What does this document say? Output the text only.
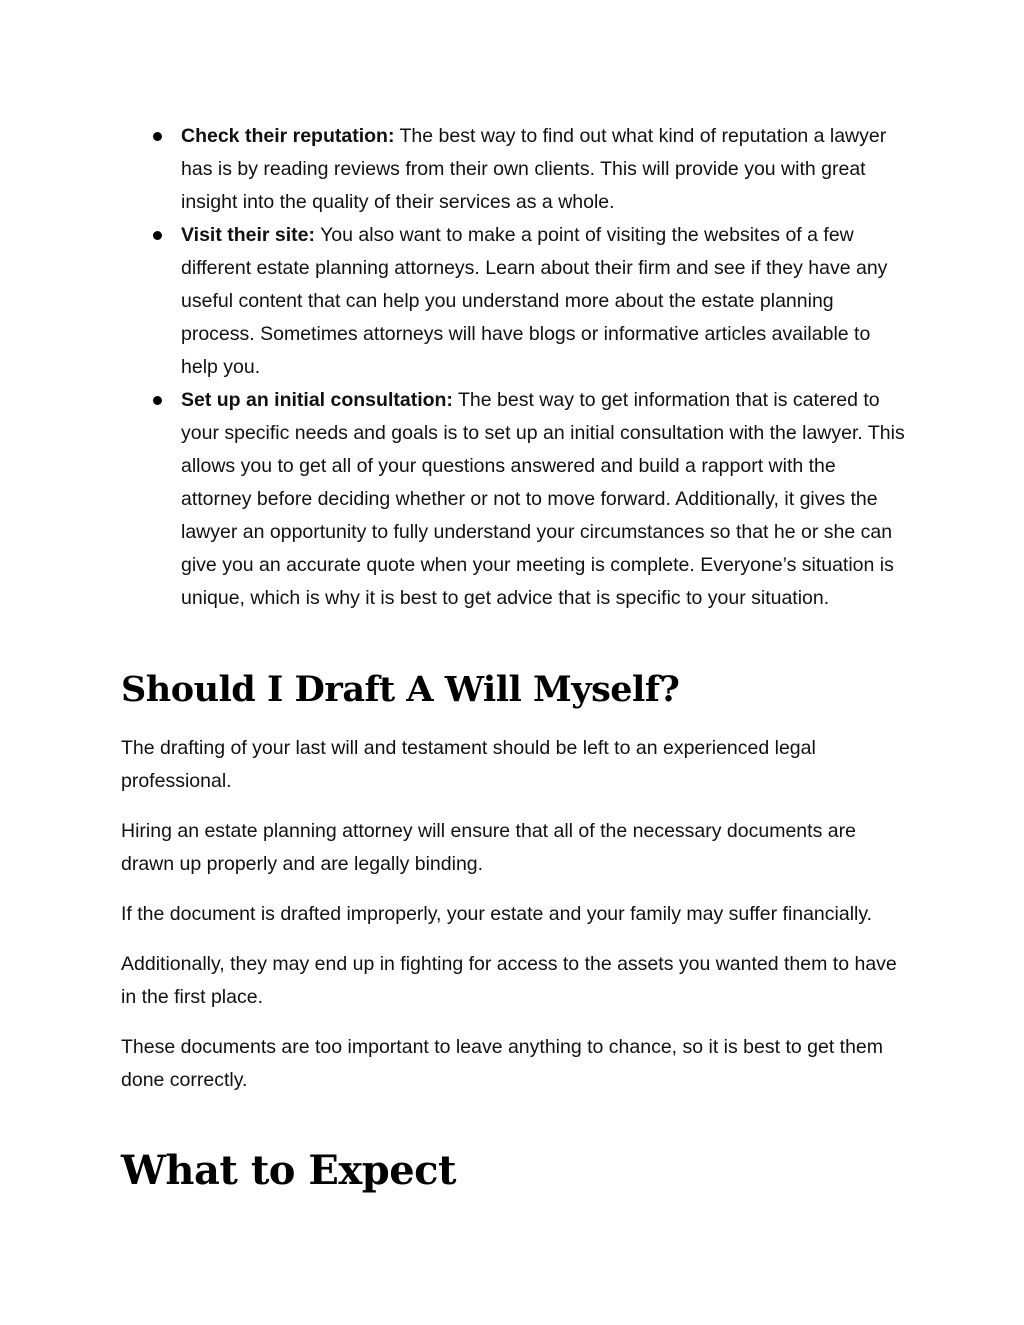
Check their reputation: The best way to find out what kind of reputation a lawyer has is by reading reviews from their own clients. This will provide you with great insight into the quality of their services as a whole.
Visit their site: You also want to make a point of visiting the websites of a few different estate planning attorneys. Learn about their firm and see if they have any useful content that can help you understand more about the estate planning process. Sometimes attorneys will have blogs or informative articles available to help you.
Set up an initial consultation: The best way to get information that is catered to your specific needs and goals is to set up an initial consultation with the lawyer. This allows you to get all of your questions answered and build a rapport with the attorney before deciding whether or not to move forward. Additionally, it gives the lawyer an opportunity to fully understand your circumstances so that he or she can give you an accurate quote when your meeting is complete. Everyone’s situation is unique, which is why it is best to get advice that is specific to your situation.
Should I Draft A Will Myself?

The drafting of your last will and testament should be left to an experienced legal professional.

Hiring an estate planning attorney will ensure that all of the necessary documents are drawn up properly and are legally binding.

If the document is drafted improperly, your estate and your family may suffer financially.

Additionally, they may end up in fighting for access to the assets you wanted them to have in the first place.

These documents are too important to leave anything to chance, so it is best to get them done correctly.

What to Expect
